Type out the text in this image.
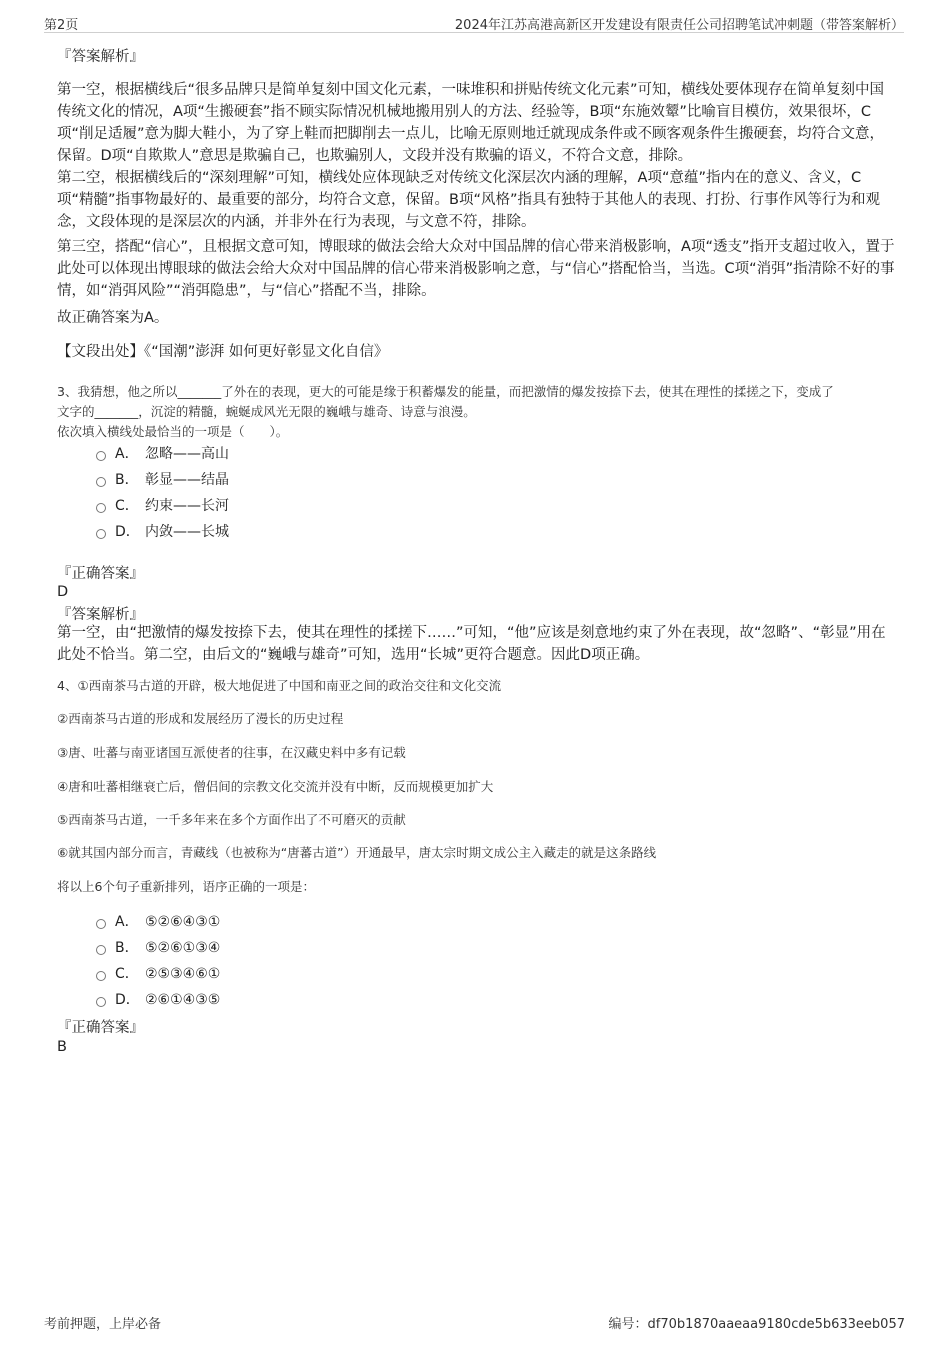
第2页	2024年江苏高港高新区开发建设有限责任公司招聘笔试冲刺题（带答案解析）

『答案解析』

第一空，根据横线后“很多品牌只是简单复刻中国文化元素，一味堆积和拼贴传统文化元素”可知，横线处要体现存在简单复刻中国传统文化的情况，A项“生搬硬套”指不顾实际情况机械地搬用别人的方法、经验等，B项“东施效颦”比喻盲目模仿，效果很坏，C项“削足适履”意为脚大鞋小，为了穿上鞋而把脚削去一点儿，比喻无原则地迁就现成条件或不顾客观条件生搬硬套，均符合文意，保留。D项“自欺欺人”意思是欺骗自己，也欺骗别人，文段并没有欺骗的语义，不符合文意，排除。

第二空，根据横线后的“深刻理解”可知，横线处应体现缺乏对传统文化深层次内涵的理解，A项“意蕴”指内在的意义、含义，C项“精髓”指事物最好的、最重要的部分，均符合文意，保留。B项“风格”指具有独特于其他人的表现、打扮、行事作风等行为和观念，文段体现的是深层次的内涵，并非外在行为表现，与文意不符，排除。

第三空，搭配“信心”，且根据文意可知，博眼球的做法会给大众对中国品牌的信心带来消极影响，A项“透支”指开支超过收入，置于此处可以体现出博眼球的做法会给大众对中国品牌的信心带来消极影响之意，与“信心”搭配恰当，当选。C项“消弭”指清除不好的事情，如“消弭风险”“消弭隐患”，与“信心”搭配不当，排除。

故正确答案为A。

【文段出处】《“国潮”澎湃 如何更好彰显文化自信》

3、我猜想，他之所以_______了外在的表现，更大的可能是缘于积蓄爆发的能量，而把激情的爆发按捺下去，使其在理性的揉搓之下，变成了

文字的_______，沉淀的精髓，蜿蜒成风光无限的巍峨与雄奇、诗意与浪漫。

依次填入横线处最恰当的一项是（　　）。

A． 忽略——高山
B． 彰显——结晶
C． 约束——长河
D． 内敛——长城

『正确答案』

D

『答案解析』

第一空，由“把激情的爆发按捺下去，使其在理性的揉搓下……”可知，“他”应该是刻意地约束了外在表现，故“忽略”、“彰显”用在此处不恰当。第二空，由后文的“巍峨与雄奇”可知，选用“长城”更符合题意。因此D项正确。

4、①西南茶马古道的开辟，极大地促进了中国和南亚之间的政治交往和文化交流

②西南茶马古道的形成和发展经历了漫长的历史过程

③唐、吐蕃与南亚诸国互派使者的往事，在汉藏史料中多有记载

④唐和吐蕃相继衰亡后，僧侣间的宗教文化交流并没有中断，反而规模更加扩大

⑤西南茶马古道，一千多年来在多个方面作出了不可磨灭的贡献

⑥就其国内部分而言，青藏线（也被称为“唐蕃古道”）开通最早，唐太宗时期文成公主入藏走的就是这条路线

将以上6个句子重新排列，语序正确的一项是：

A． ⑤②⑥④③①
B． ⑤②⑥①③④
C． ②⑤③④⑥①
D． ②⑥①④③⑤

『正确答案』

B

考前押题，上岸必备	编号：df70b1870aaeaa9180cde5b633eeb057
